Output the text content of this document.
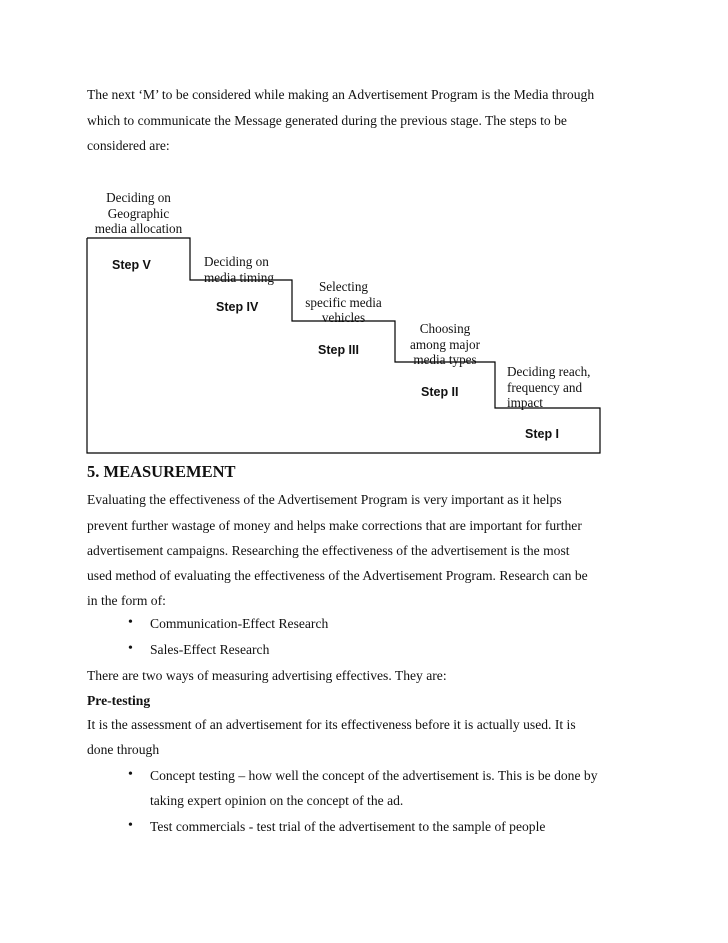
The next ‘M’ to be considered while making an Advertisement Program is the Media through
which to communicate the Message generated during the previous stage. The steps to be
considered are:
Deciding on
Geographic
media allocation
Step V	Deciding on
media timing
Step IV
Selecting
specific media
vehicles
Step III
Choosing
among major
media types
Step II
Deciding reach,
frequency and
impact
Step I
5. MEASUREMENT
Evaluating the effectiveness of the Advertisement Program is very important as it helps
prevent further wastage of money and helps make corrections that are important for further
advertisement campaigns. Researching the effectiveness of the advertisement is the most
used method of evaluating the effectiveness of the Advertisement Program. Research can be
in the form of:
• Communication-Effect Research
• Sales-Effect Research
There are two ways of measuring advertising effectives. They are:
Pre-testing
It is the assessment of an advertisement for its effectiveness before it is actually used. It is
done through
• Concept testing – how well the concept of the advertisement is. This is be done by
taking expert opinion on the concept of the ad.
• Test commercials - test trial of the advertisement to the sample of people
